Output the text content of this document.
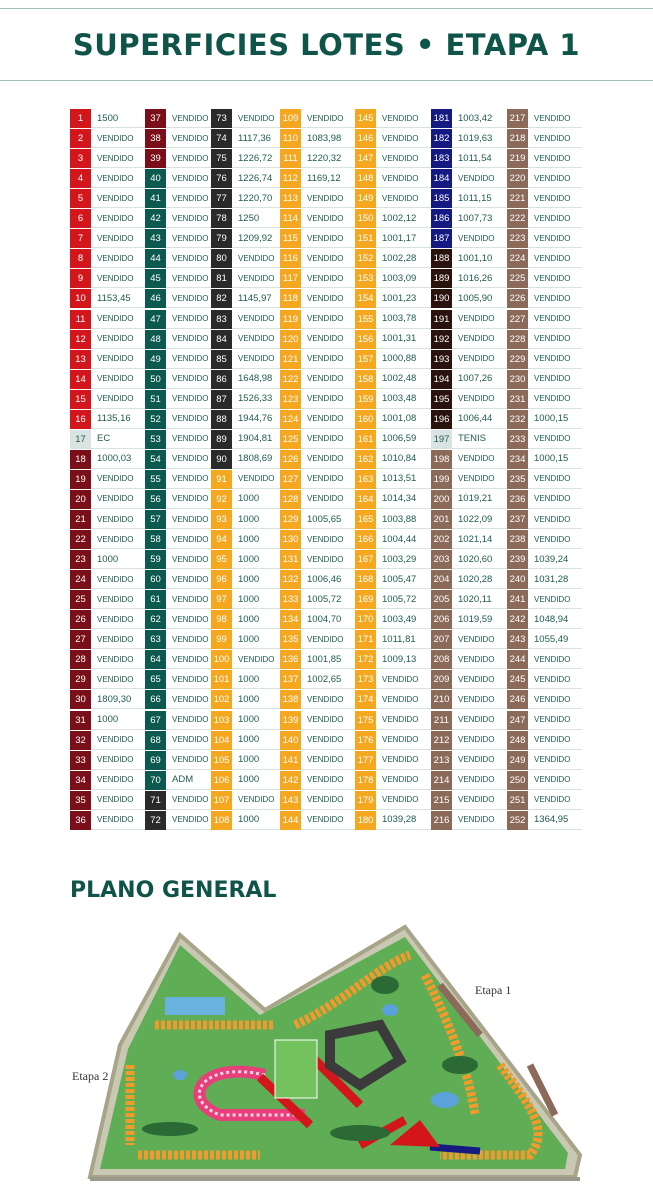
SUPERFICIES LOTES • ETAPA 1
1	1500
2	VENDIDO
3	VENDIDO
4	VENDIDO
5	VENDIDO
6	VENDIDO
7	VENDIDO
8	VENDIDO
9	VENDIDO
10	1153,45
11	VENDIDO
12	VENDIDO
13	VENDIDO
14	VENDIDO
15	VENDIDO
16	1135,16
17	EC
18	1000,03
19	VENDIDO
20	VENDIDO
21	VENDIDO
22	VENDIDO
23	1000
24	VENDIDO
25	VENDIDO
26	VENDIDO
27	VENDIDO
28	VENDIDO
29	VENDIDO
30	1809,30
31	1000
32	VENDIDO
33	VENDIDO
34	VENDIDO
35	VENDIDO
36	VENDIDO
37	VENDIDO
38	VENDIDO
39	VENDIDO
40	VENDIDO
41	VENDIDO
42	VENDIDO
43	VENDIDO
44	VENDIDO
45	VENDIDO
46	VENDIDO
47	VENDIDO
48	VENDIDO
49	VENDIDO
50	VENDIDO
51	VENDIDO
52	VENDIDO
53	VENDIDO
54	VENDIDO
55	VENDIDO
56	VENDIDO
57	VENDIDO
58	VENDIDO
59	VENDIDO
60	VENDIDO
61	VENDIDO
62	VENDIDO
63	VENDIDO
64	VENDIDO
65	VENDIDO
66	VENDIDO
67	VENDIDO
68	VENDIDO
69	VENDIDO
70	ADM
71	VENDIDO
72	VENDIDO
73	VENDIDO
74	1117,36
75	1226,72
76	1226,74
77	1220,70
78	1250
79	1209,92
80	VENDIDO
81	VENDIDO
82	1145,97
83	VENDIDO
84	VENDIDO
85	VENDIDO
86	1648,98
87	1526,33
88	1944,76
89	1904,81
90	1808,69
91	VENDIDO
92	1000
93	1000
94	1000
95	1000
96	1000
97	1000
98	1000
99	1000
100	VENDIDO
101 1000
102 1000
103 1000
104 1000
105 1000
106 1000
107	VENDIDO
108 1000
109	VENDIDO
110 1083,98
111 1220,32
112 1169,12
113	VENDIDO
114	VENDIDO
115	VENDIDO
116	VENDIDO
117	VENDIDO
118	VENDIDO
119	VENDIDO
120	VENDIDO
121	VENDIDO
122	VENDIDO
123	VENDIDO
124	VENDIDO
125	VENDIDO
126	VENDIDO
127	VENDIDO
128	VENDIDO
129 1005,65
130	VENDIDO
131	VENDIDO
132 1006,46
133 1005,72
134 1004,70
135	VENDIDO
136 1001,85
137 1002,65
138	VENDIDO
139	VENDIDO
140	VENDIDO
141	VENDIDO
142	VENDIDO
143	VENDIDO
144	VENDIDO
145	VENDIDO
146	VENDIDO
147	VENDIDO
148	VENDIDO
149	VENDIDO
150 1002,12
151 1001,17
152 1002,28
153 1003,09
154 1001,23
155 1003,78
156 1001,31
157 1000,88
158 1002,48
159 1003,48
160 1001,08
161 1006,59
162 1010,84
163 1013,51
164 1014,34
165 1003,88
166 1004,44
167 1003,29
168 1005,47
169 1005,72
170 1003,49
171 1011,81
172 1009,13
173	VENDIDO
174	VENDIDO
175	VENDIDO
176	VENDIDO
177	VENDIDO
178	VENDIDO
179	VENDIDO
180 1039,28
181 1003,42
182 1019,63
183 1011,54
184	VENDIDO
185 1011,15
186 1007,73
187	VENDIDO
188 1001,10
189 1016,26
190 1005,90
191	VENDIDO
192	VENDIDO
193	VENDIDO
194 1007,26
195	VENDIDO
196 1006,44
197 TENIS
198	VENDIDO
199	VENDIDO
200 1019,21
201 1022,09
202 1021,14
203 1020,60
204 1020,28
205 1020,11
206 1019,59
207	VENDIDO
208	VENDIDO
209	VENDIDO
210	VENDIDO
211	VENDIDO
212	VENDIDO
213	VENDIDO
214	VENDIDO
215	VENDIDO
216	VENDIDO
217	VENDIDO
218	VENDIDO
219	VENDIDO
220	VENDIDO
221	VENDIDO
222	VENDIDO
223	VENDIDO
224	VENDIDO
225	VENDIDO
226	VENDIDO
227	VENDIDO
228	VENDIDO
229	VENDIDO
230	VENDIDO
231	VENDIDO
232 1000,15
233	VENDIDO
234 1000,15
235	VENDIDO
236	VENDIDO
237	VENDIDO
238	VENDIDO
239 1039,24
240 1031,28
241	VENDIDO
242 1048,94
243 1055,49
244	VENDIDO
245	VENDIDO
246	VENDIDO
247	VENDIDO
248	VENDIDO
249	VENDIDO
250	VENDIDO
251	VENDIDO
252 1364,95
PLANO GENERAL
Etapa 1
Etapa 2
